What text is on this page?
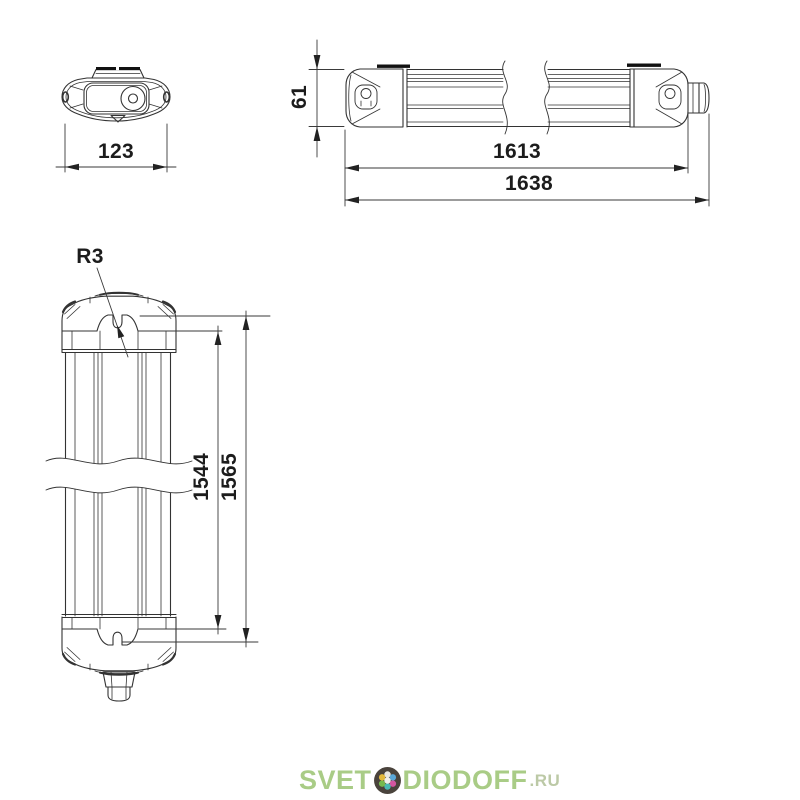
123
61
1613
1638
R3
1544 1565
SVET DIODOFF .RU
